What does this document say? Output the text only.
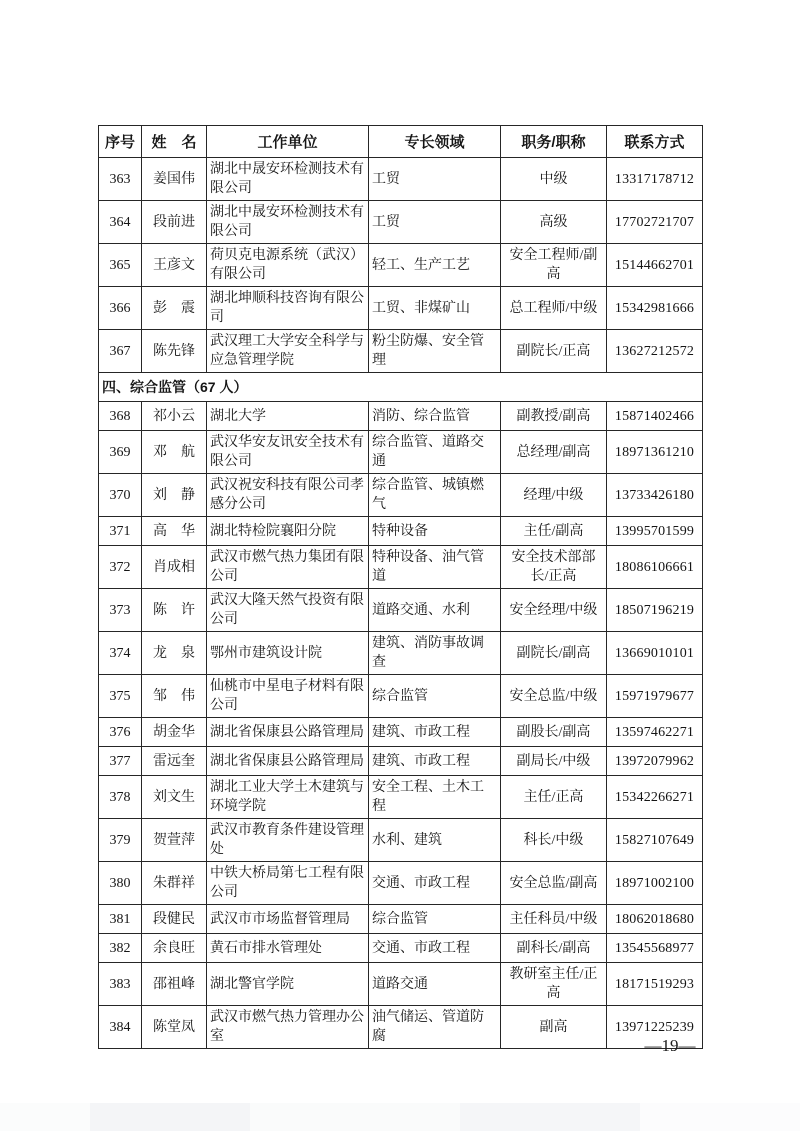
序号	姓　名	工作单位	专长领域	职务/职称	联系方式
363	姜国伟	湖北中晟安环检测技术有限公司	工贸	中级	13317178712
364	段前进	湖北中晟安环检测技术有限公司	工贸	高级	17702721707
365	王彦文	荷贝克电源系统（武汉）有限公司	轻工、生产工艺	安全工程师/副高	15144662701
366	彭　震	湖北坤顺科技咨询有限公司	工贸、非煤矿山	总工程师/中级	15342981666
367	陈先锋	武汉理工大学安全科学与应急管理学院	粉尘防爆、安全管理	副院长/正高	13627212572
四、综合监管（67 人）					
368	祁小云	湖北大学	消防、综合监管	副教授/副高	15871402466
369	邓　航	武汉华安友讯安全技术有限公司	综合监管、道路交通	总经理/副高	18971361210
370	刘　静	武汉祝安科技有限公司孝感分公司	综合监管、城镇燃气	经理/中级	13733426180
371	高　华	湖北特检院襄阳分院	特种设备	主任/副高	13995701599
372	肖成相	武汉市燃气热力集团有限公司	特种设备、油气管道	安全技术部部长/正高	18086106661
373	陈　许	武汉大隆天然气投资有限公司	道路交通、水利	安全经理/中级	18507196219
374	龙　泉	鄂州市建筑设计院	建筑、消防事故调查	副院长/副高	13669010101
375	邹　伟	仙桃市中星电子材料有限公司	综合监管	安全总监/中级	15971979677
376	胡金华	湖北省保康县公路管理局	建筑、市政工程	副股长/副高	13597462271
377	雷远奎	湖北省保康县公路管理局	建筑、市政工程	副局长/中级	13972079962
378	刘文生	湖北工业大学土木建筑与环境学院	安全工程、土木工程	主任/正高	15342266271
379	贺萱萍	武汉市教育条件建设管理处	水利、建筑	科长/中级	15827107649
380	朱群祥	中铁大桥局第七工程有限公司	交通、市政工程	安全总监/副高	18971002100
381	段健民	武汉市市场监督管理局	综合监管	主任科员/中级	18062018680
382	余良旺	黄石市排水管理处	交通、市政工程	副科长/副高	13545568977
383	邵祖峰	湖北警官学院	道路交通	教研室主任/正高	18171519293
384	陈堂凤	武汉市燃气热力管理办公室	油气储运、管道防腐	副高	13971225239
—19—
